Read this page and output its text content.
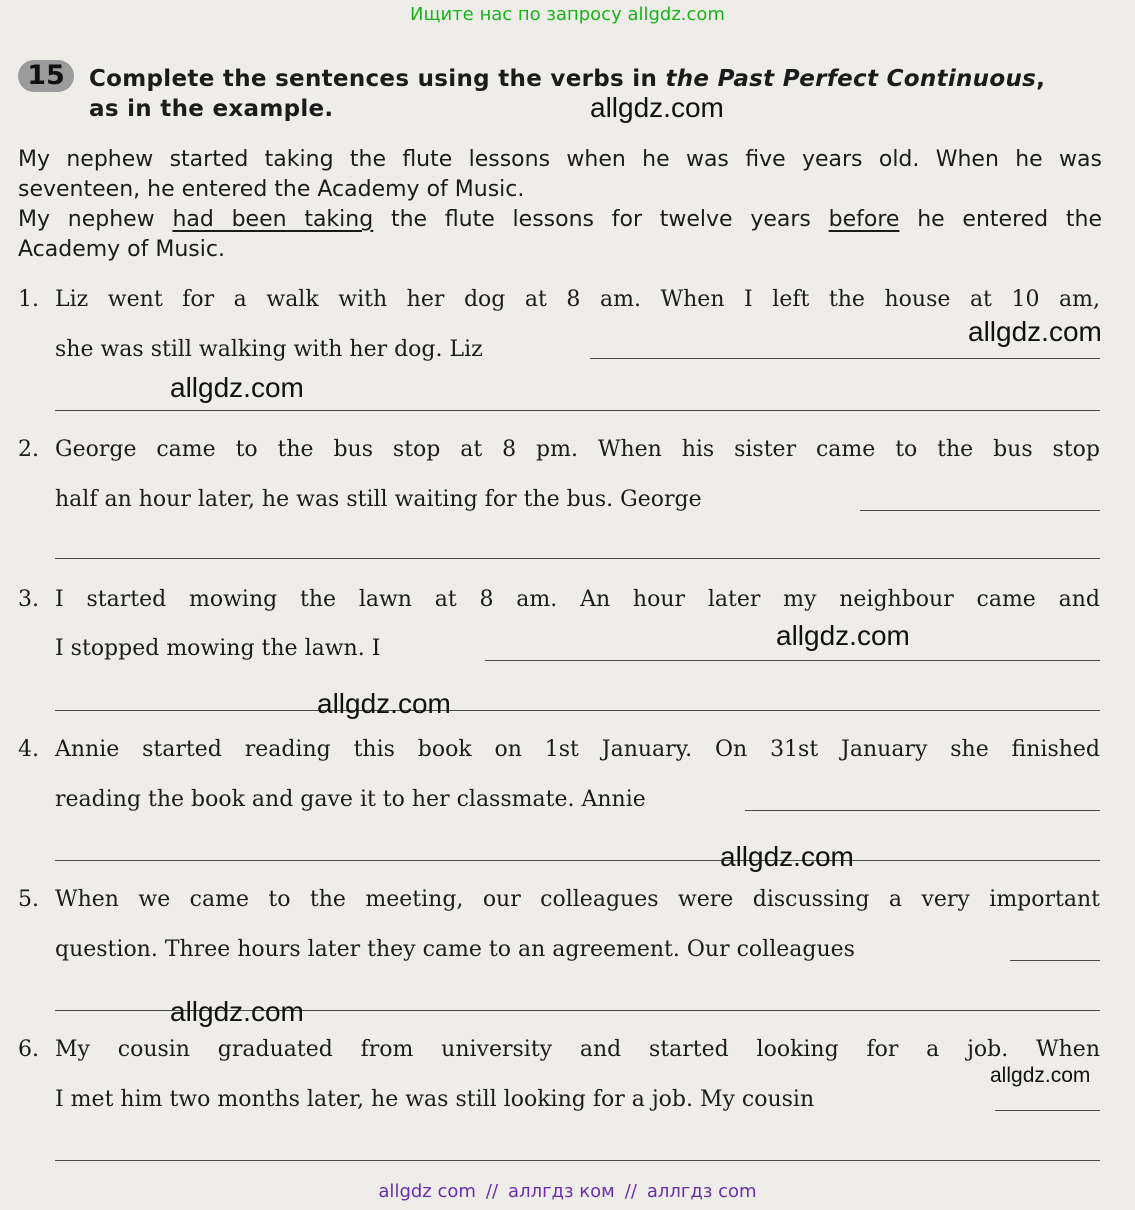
Ищите нас по запросу allgdz.com
15	Complete the sentences using the verbs in the Past Perfect Continuous,
as in the example.
My nephew started taking the flute lessons when he was five years old. When he was
seventeen, he entered the Academy of Music.
My nephew had been taking the flute lessons for twelve years before he entered the
Academy of Music.
1. Liz went for a walk with her dog at 8 am. When I left the house at 10 am,
she was still walking with her dog. Liz
2. George came to the bus stop at 8 pm. When his sister came to the bus stop
half an hour later, he was still waiting for the bus. George
3. I started mowing the lawn at 8 am. An hour later my neighbour came and
I stopped mowing the lawn. I
4. Annie started reading this book on 1st January. On 31st January she finished
reading the book and gave it to her classmate. Annie
5. When we came to the meeting, our colleagues were discussing a very important
question. Three hours later they came to an agreement. Our colleagues
6. My cousin graduated from university and started looking for a job. When
I met him two months later, he was still looking for a job. My cousin
allgdz.com
allgdz.com
allgdz.com
allgdz.com
allgdz.com
allgdz.com
allgdz.com
allgdz.com
allgdz com // аллгдз ком // аллгдз com
